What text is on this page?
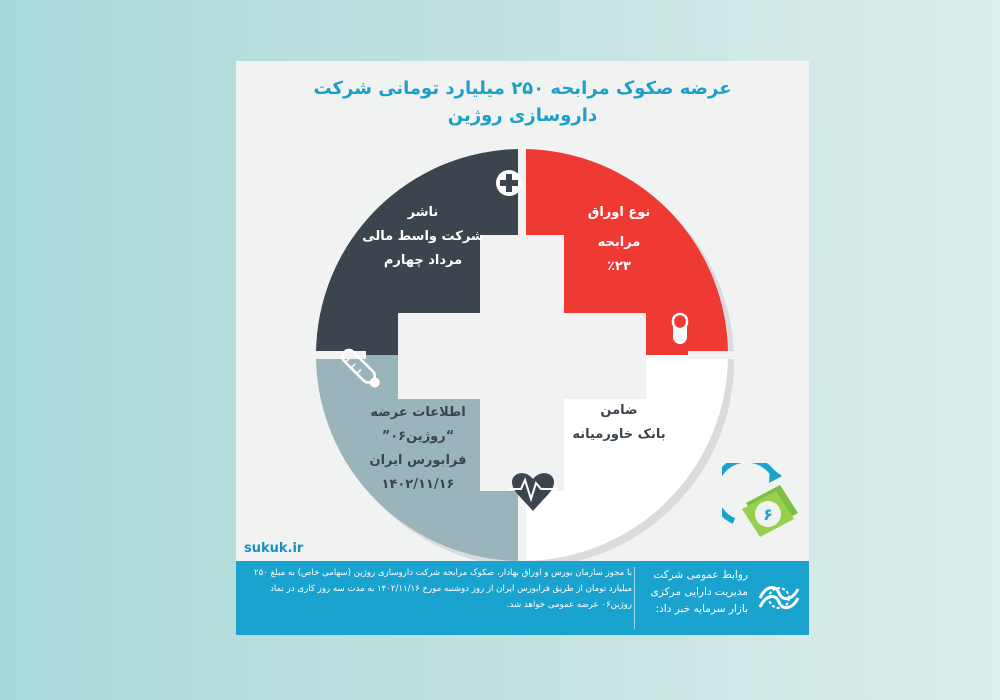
عرضه صکوک مرابحه ۲۵۰ میلیارد تومانی شرکت
داروسازی روژین
ناشر
شرکت واسط مالی
مرداد چهارم
نوع اوراق
مرابحه
٪۲۳
ضامن
بانک خاورمیانه
اطلاعات عرضه
“روژین۰۶”
فرابورس ایران
۱۴۰۲/۱۱/۱۶
۶
sukuk.ir
با مجوز سازمان بورس و اوراق بهادار، صکوک مرابحه شرکت داروسازی روژین (سهامی خاص) به مبلغ ۲۵۰ میلیارد تومان از طریق فرابورس ایران از روز دوشنبه مورخ ۱۴۰۲/۱۱/۱۶ به مدت سه روز کاری در نماد روژین۰۶ عرضه عمومی خواهد شد.
روابط عمومی شرکت
مدیریت دارایی مرکزی
بازار سرمایه خبر داد:
